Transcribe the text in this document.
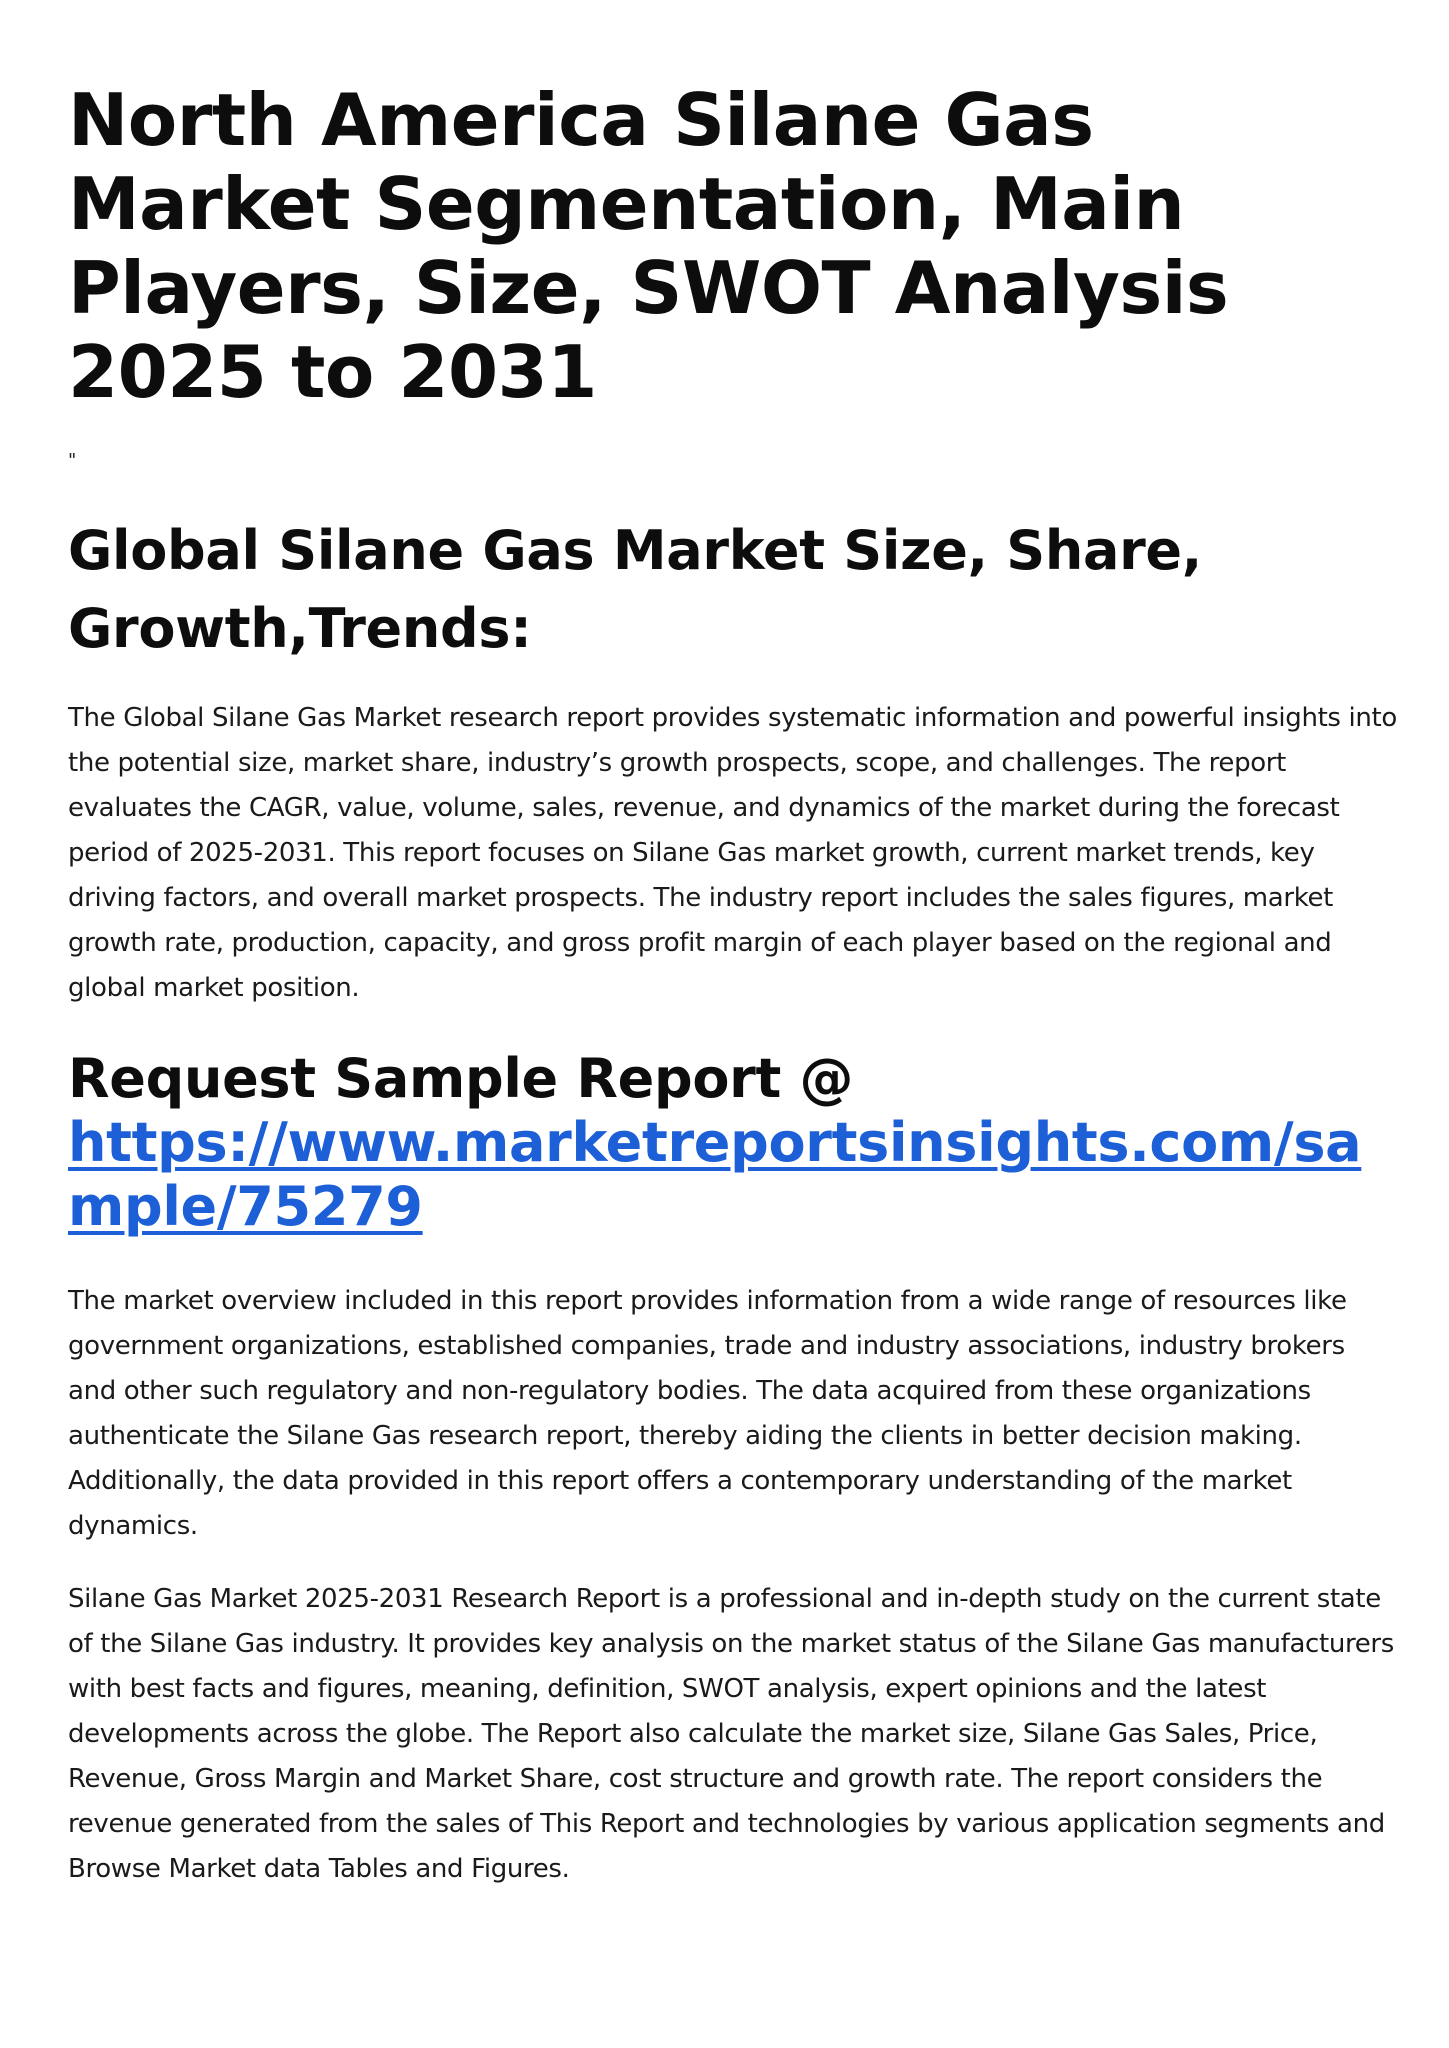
North America Silane Gas Market Segmentation, Main Players, Size, SWOT Analysis 2025 to 2031
"
Global Silane Gas Market Size, Share, Growth,Trends:

The Global Silane Gas Market research report provides systematic information and powerful insights into the potential size, market share, industry’s growth prospects, scope, and challenges. The report evaluates the CAGR, value, volume, sales, revenue, and dynamics of the market during the forecast period of 2025-2031. This report focuses on Silane Gas market growth, current market trends, key driving factors, and overall market prospects. The industry report includes the sales figures, market growth rate, production, capacity, and gross profit margin of each player based on the regional and global market position.

Request Sample Report @
https://www.marketreportsinsights.com/sample/75279

The market overview included in this report provides information from a wide range of resources like government organizations, established companies, trade and industry associations, industry brokers and other such regulatory and non-regulatory bodies. The data acquired from these organizations authenticate the Silane Gas research report, thereby aiding the clients in better decision making. Additionally, the data provided in this report offers a contemporary understanding of the market dynamics.

Silane Gas Market 2025-2031 Research Report is a professional and in-depth study on the current state of the Silane Gas industry. It provides key analysis on the market status of the Silane Gas manufacturers with best facts and figures, meaning, definition, SWOT analysis, expert opinions and the latest developments across the globe. The Report also calculate the market size, Silane Gas Sales, Price, Revenue, Gross Margin and Market Share, cost structure and growth rate. The report considers the revenue generated from the sales of This Report and technologies by various application segments and Browse Market data Tables and Figures.
